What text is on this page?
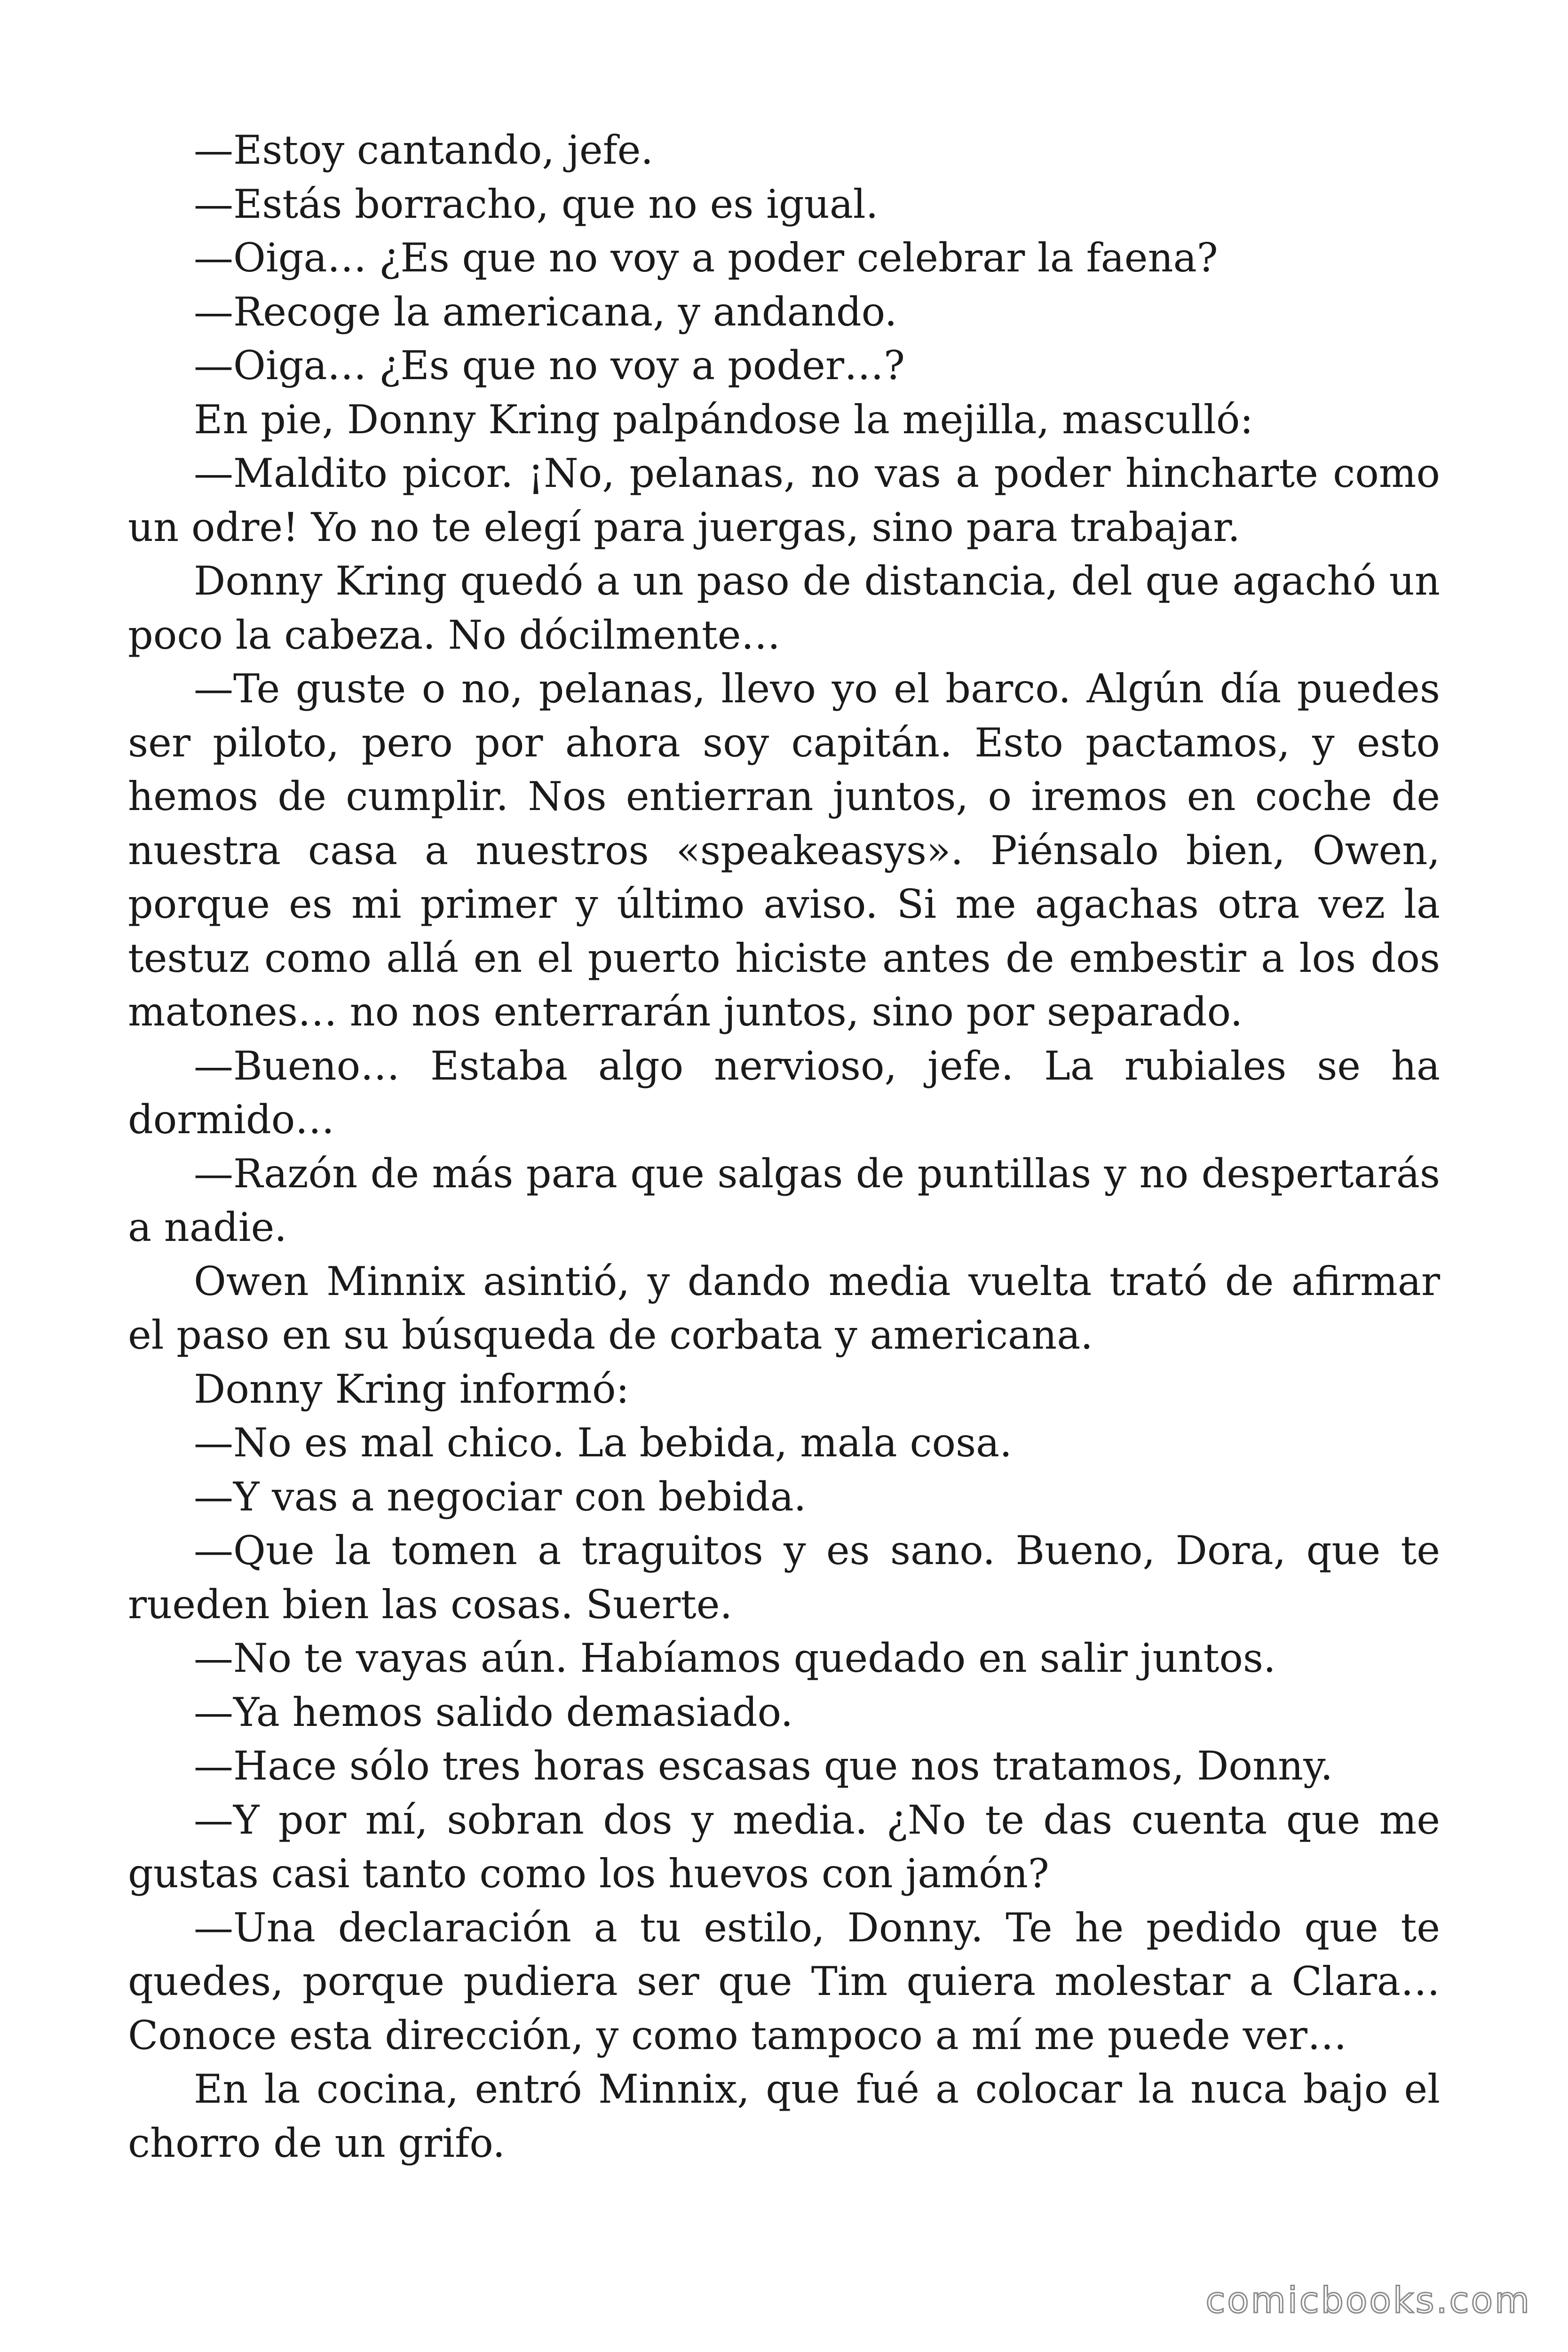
—Estoy cantando, jefe.

—Estás borracho, que no es igual.

—Oiga… ¿Es que no voy a poder celebrar la faena?

—Recoge la americana, y andando.

—Oiga… ¿Es que no voy a poder…?

En pie, Donny Kring palpándose la mejilla, masculló:

—Maldito picor. ¡No, pelanas, no vas a poder hincharte como un odre! Yo no te elegí para juergas, sino para trabajar.

Donny Kring quedó a un paso de distancia, del que agachó un poco la cabeza. No dócilmente…

—Te guste o no, pelanas, llevo yo el barco. Algún día puedes ser piloto, pero por ahora soy capitán. Esto pactamos, y esto hemos de cumplir. Nos entierran juntos, o iremos en coche de nuestra casa a nuestros «speakeasys». Piénsalo bien, Owen, porque es mi primer y último aviso. Si me agachas otra vez la testuz como allá en el puerto hiciste antes de embestir a los dos matones… no nos enterrarán juntos, sino por separado.

—Bueno… Estaba algo nervioso, jefe. La rubiales se ha dormido…

—Razón de más para que salgas de puntillas y no despertarás a nadie.

Owen Minnix asintió, y dando media vuelta trató de afirmar el paso en su búsqueda de corbata y americana.

Donny Kring informó:

—No es mal chico. La bebida, mala cosa.

—Y vas a negociar con bebida.

—Que la tomen a traguitos y es sano. Bueno, Dora, que te rueden bien las cosas. Suerte.

—No te vayas aún. Habíamos quedado en salir juntos.

—Ya hemos salido demasiado.

—Hace sólo tres horas escasas que nos tratamos, Donny.

—Y por mí, sobran dos y media. ¿No te das cuenta que me gustas casi tanto como los huevos con jamón?

—Una declaración a tu estilo, Donny. Te he pedido que te quedes, porque pudiera ser que Tim quiera molestar a Clara… Conoce esta dirección, y como tampoco a mí me puede ver…

En la cocina, entró Minnix, que fué a colocar la nuca bajo el chorro de un grifo.

comicbooks.com
